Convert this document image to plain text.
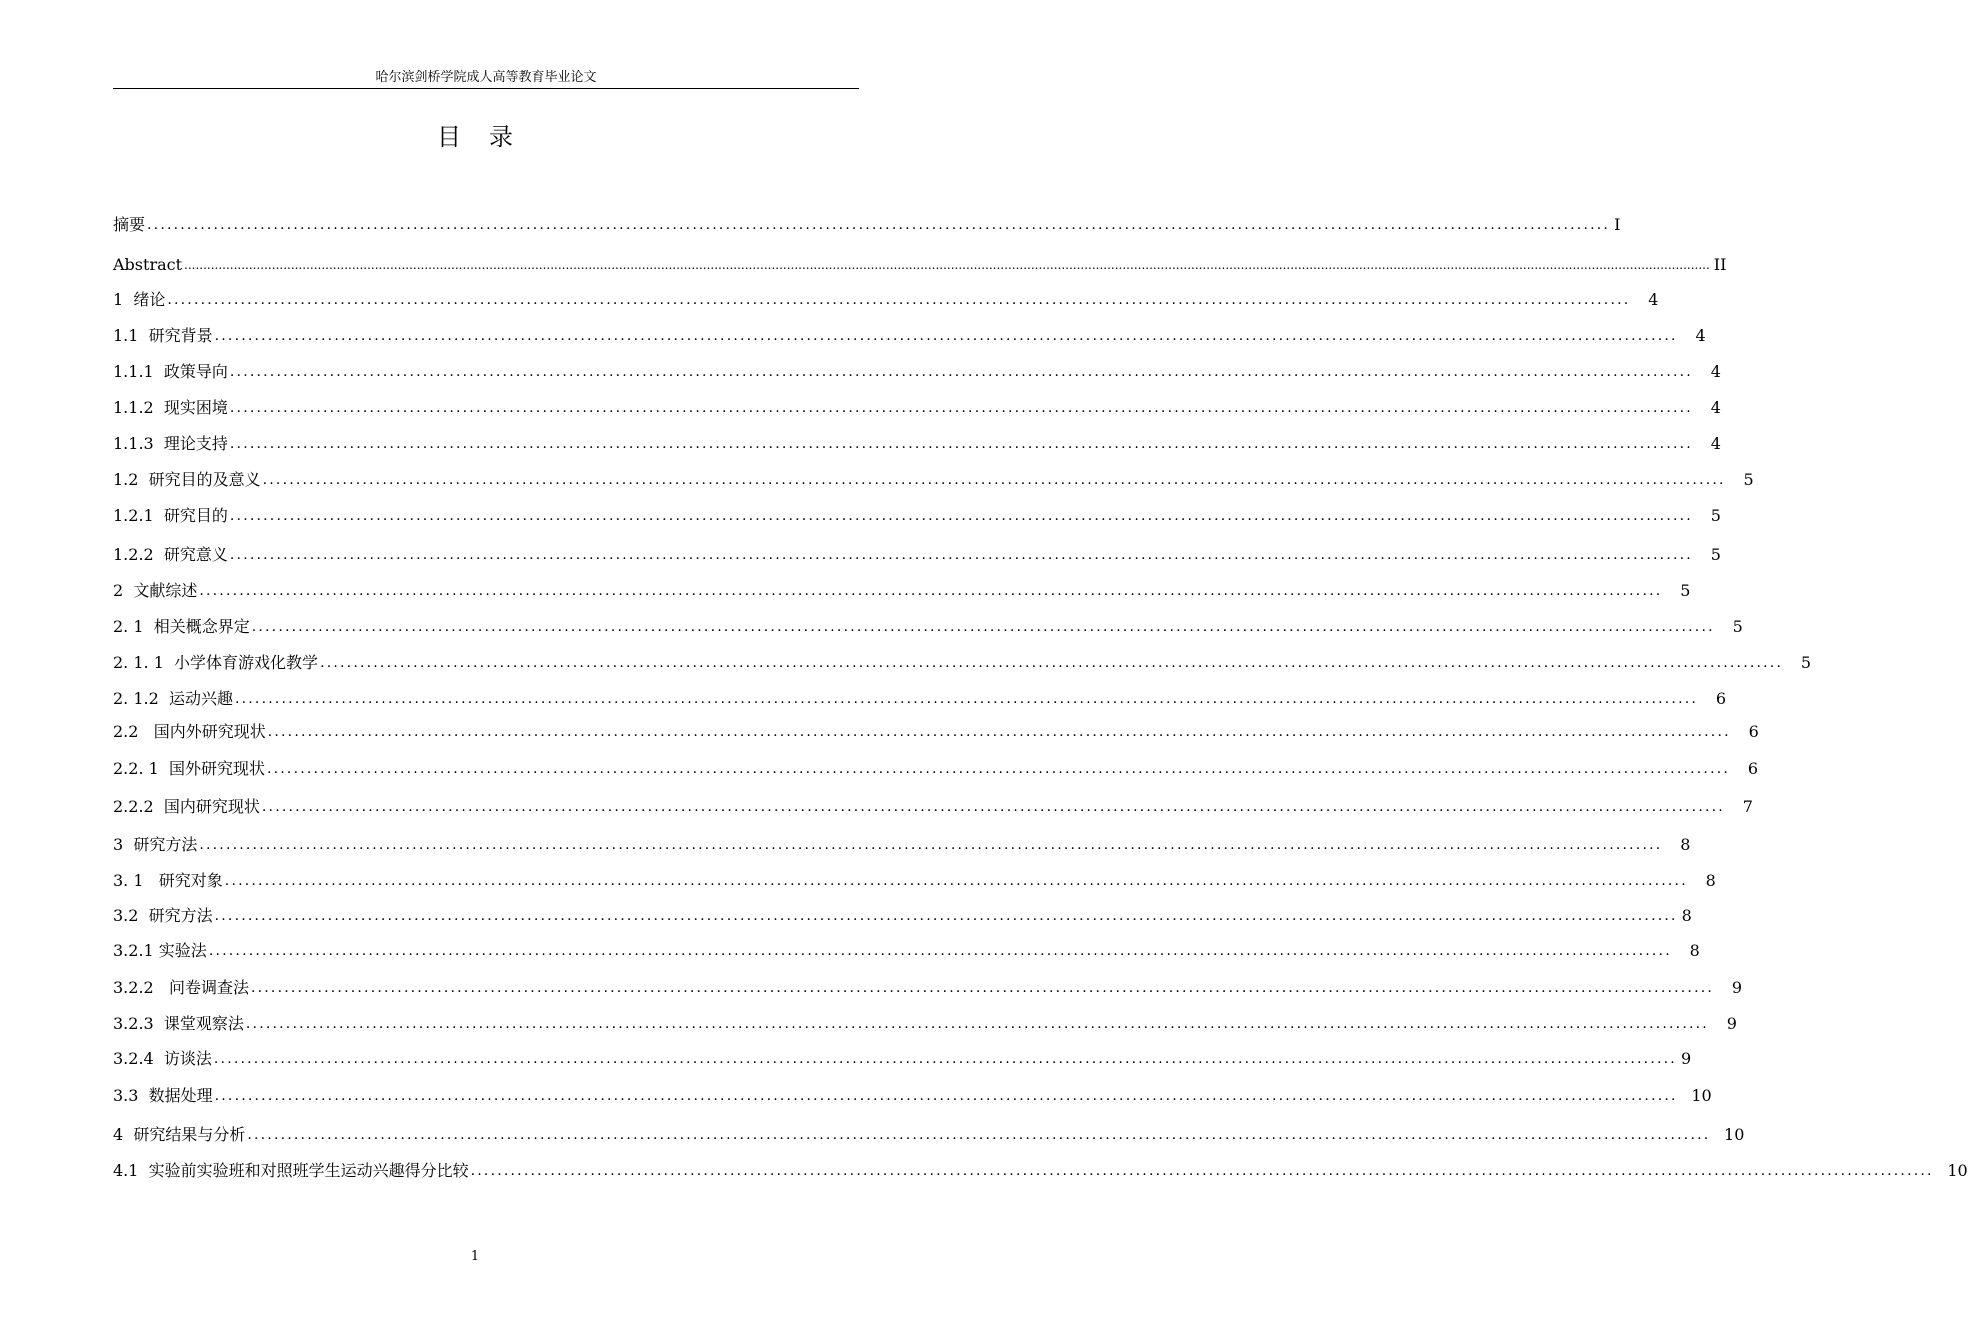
哈尔滨剑桥学院成人高等教育毕业论文
目录
摘要 ............................................................................................................................................................................................................................ I
Abstract ................................................................................................................................................................................................................................................................................................................................................................................................................ II
1  绪论 ............................................................................................................................................................................................................................	4
1.1  研究背景 ............................................................................................................................................................................................................................	4
1.1.1  政策导向 ............................................................................................................................................................................................................................	4
1.1.2  现实困境 ............................................................................................................................................................................................................................	4
1.1.3  理论支持 ............................................................................................................................................................................................................................	4
1.2  研究目的及意义 ............................................................................................................................................................................................................................	5
1.2.1  研究目的 ............................................................................................................................................................................................................................	5
1.2.2  研究意义 ............................................................................................................................................................................................................................	5
2  文献综述 ............................................................................................................................................................................................................................	5
2. 1  相关概念界定 ............................................................................................................................................................................................................................	5
2. 1. 1  小学体育游戏化教学 ............................................................................................................................................................................................................................	5
2. 1.2  运动兴趣 ............................................................................................................................................................................................................................	6
2.2   国内外研究现状 ............................................................................................................................................................................................................................	6
2.2. 1  国外研究现状 ............................................................................................................................................................................................................................	6
2.2.2  国内研究现状 ............................................................................................................................................................................................................................	7
3  研究方法 ............................................................................................................................................................................................................................	8
3. 1   研究对象 ............................................................................................................................................................................................................................	8
3.2  研究方法 ............................................................................................................................................................................................................................ 8
3.2.1 实验法 ............................................................................................................................................................................................................................	8
3.2.2   问卷调查法 ............................................................................................................................................................................................................................	9
3.2.3  课堂观察法 ............................................................................................................................................................................................................................	9
3.2.4  访谈法 ............................................................................................................................................................................................................................ 9
3.3  数据处理 ............................................................................................................................................................................................................................ 10
4  研究结果与分析 ............................................................................................................................................................................................................................ 10
4.1  实验前实验班和对照班学生运动兴趣得分比较 ............................................................................................................................................................................................................................ 10
1
